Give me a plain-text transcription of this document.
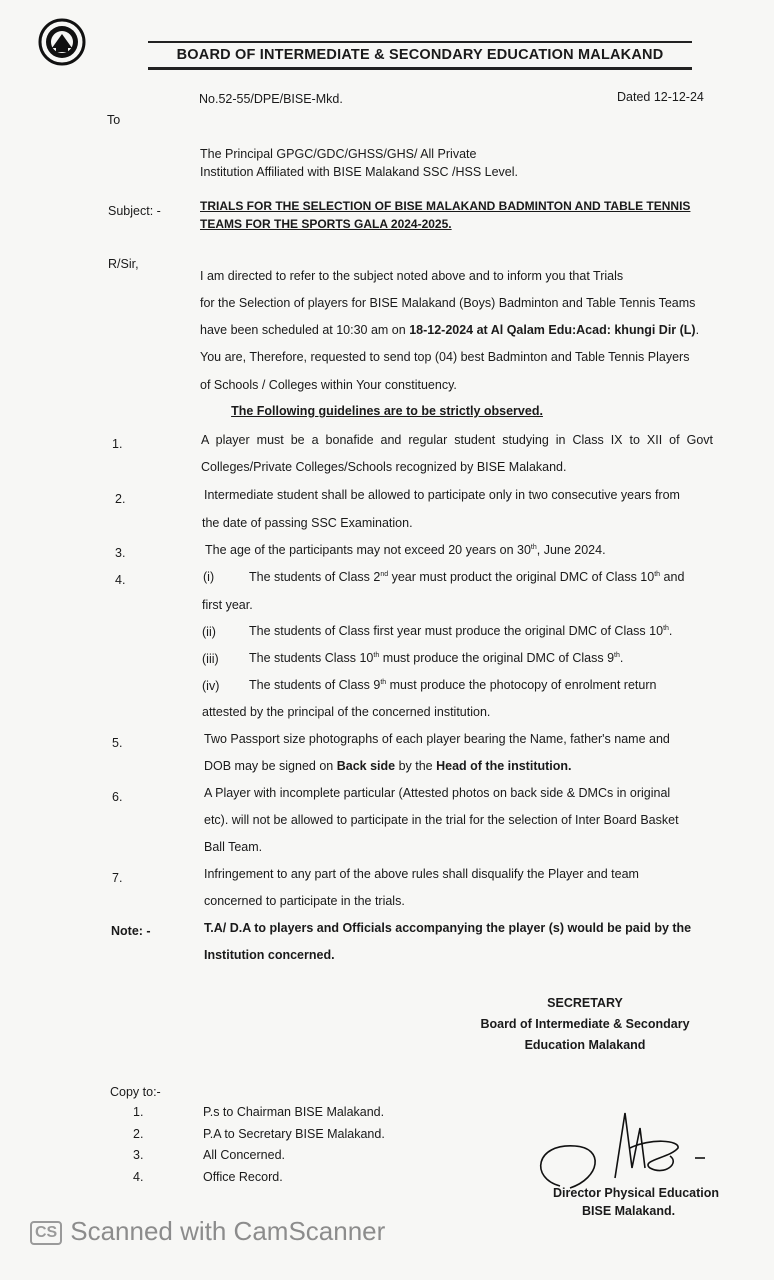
BOARD OF INTERMEDIATE & SECONDARY EDUCATION MALAKAND
No.52-55/DPE/BISE-Mkd.	Dated 12-12-24
To
The Principal GPGC/GDC/GHSS/GHS/ All Private
Institution Affiliated with BISE Malakand SSC /HSS Level.
Subject: -	TRIALS FOR THE SELECTION OF BISE MALAKAND BADMINTON AND TABLE TENNIS
TEAMS FOR THE SPORTS GALA 2024-2025.
R/Sir,
I am directed to refer to the subject noted above and to inform you that Trials
for the Selection of players for BISE Malakand (Boys) Badminton and Table Tennis Teams
have been scheduled at 10:30 am on 18-12-2024 at Al Qalam Edu:Acad: khungi Dir (L).
You are, Therefore, requested to send top (04) best Badminton and Table Tennis Players
of Schools / Colleges within Your constituency.
The Following guidelines are to be strictly observed.
1.	A player must be a bonafide and regular student studying in Class IX to XII of Govt
Colleges/Private Colleges/Schools recognized by BISE Malakand.
2.	Intermediate student shall be allowed to participate only in two consecutive years from
the date of passing SSC Examination.
3.	The age of the participants may not exceed 20 years on 30th, June 2024.
4.	(i)	The students of Class 2nd year must product the original DMC of Class 10th and
first year.
(ii)	The students of Class first year must produce the original DMC of Class 10th.
(iii) The students Class 10th must produce the original DMC of Class 9th.
(iv) The students of Class 9th must produce the photocopy of enrolment return
attested by the principal of the concerned institution.
5.	Two Passport size photographs of each player bearing the Name, father's name and
DOB may be signed on Back side by the Head of the institution.
6.	A Player with incomplete particular (Attested photos on back side & DMCs in original
etc). will not be allowed to participate in the trial for the selection of Inter Board Basket
Ball Team.
7.	Infringement to any part of the above rules shall disqualify the Player and team
concerned to participate in the trials.
Note: -	T.A/ D.A to players and Officials accompanying the player (s) would be paid by the
Institution concerned.
SECRETARY
Board of Intermediate & Secondary
Education Malakand
Copy to:-
1.	P.s to Chairman BISE Malakand.
2.	P.A to Secretary BISE Malakand.
3.	All Concerned.
4.	Office Record.
Director Physical Education
BISE Malakand.
CS Scanned with CamScanner
